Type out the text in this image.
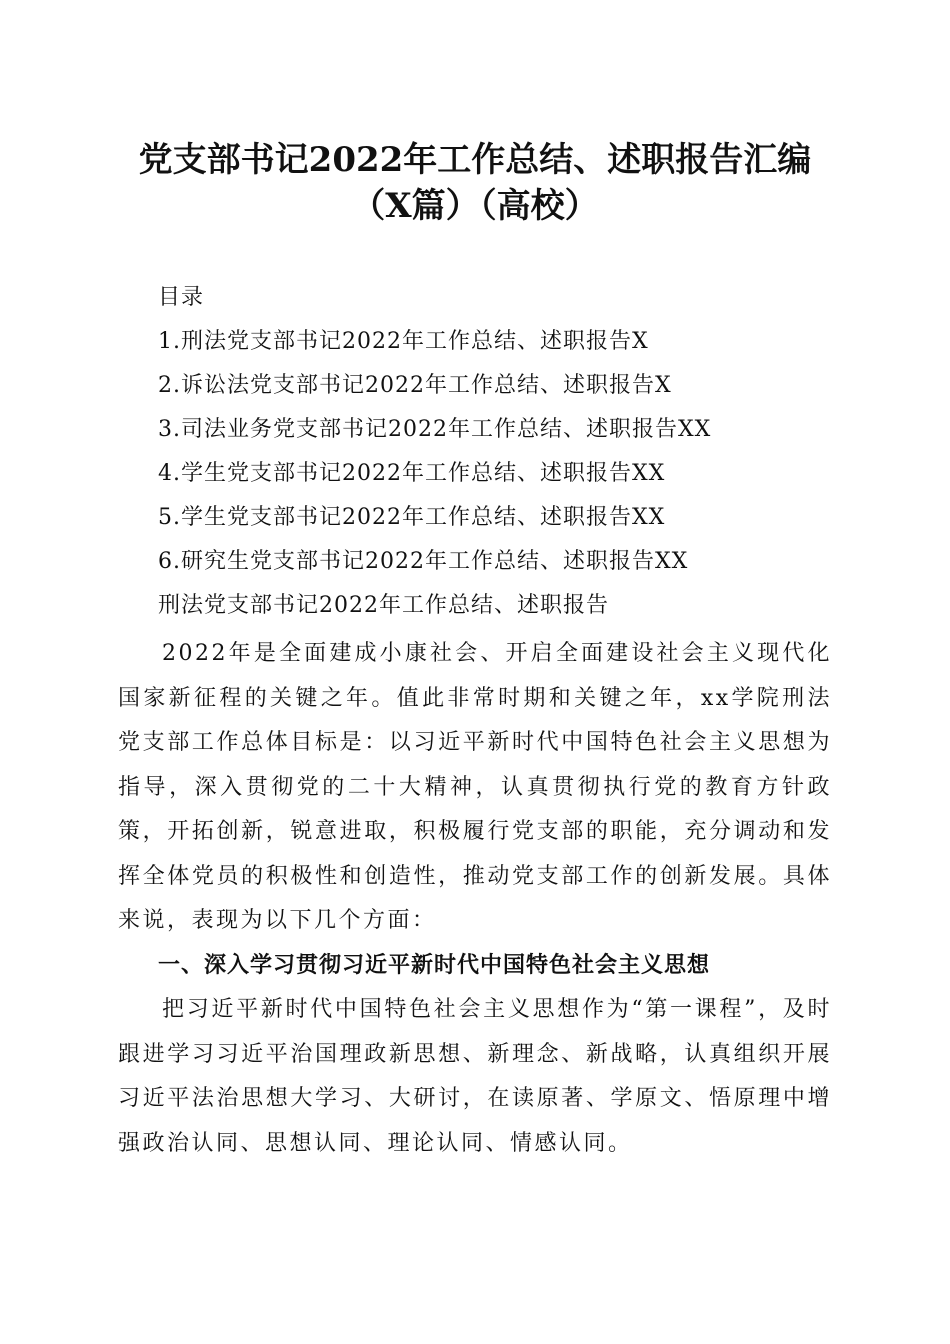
党支部书记2022年工作总结、述职报告汇编
（X篇）（高校）
目录
1.刑法党支部书记2022年工作总结、述职报告X
2.诉讼法党支部书记2022年工作总结、述职报告X
3.司法业务党支部书记2022年工作总结、述职报告XX
4.学生党支部书记2022年工作总结、述职报告XX
5.学生党支部书记2022年工作总结、述职报告XX
6.研究生党支部书记2022年工作总结、述职报告XX
刑法党支部书记2022年工作总结、述职报告
2022年是全面建成小康社会、开启全面建设社会主义现代化国家新征程的关键之年。值此非常时期和关键之年，xx学院刑法党支部工作总体目标是：以习近平新时代中国特色社会主义思想为指导，深入贯彻党的二十大精神，认真贯彻执行党的教育方针政策，开拓创新，锐意进取，积极履行党支部的职能，充分调动和发挥全体党员的积极性和创造性，推动党支部工作的创新发展。具体来说，表现为以下几个方面：
一、深入学习贯彻习近平新时代中国特色社会主义思想
把习近平新时代中国特色社会主义思想作为“第一课程”，及时跟进学习习近平治国理政新思想、新理念、新战略，认真组织开展习近平法治思想大学习、大研讨，在读原著、学原文、悟原理中增强政治认同、思想认同、理论认同、情感认同。
